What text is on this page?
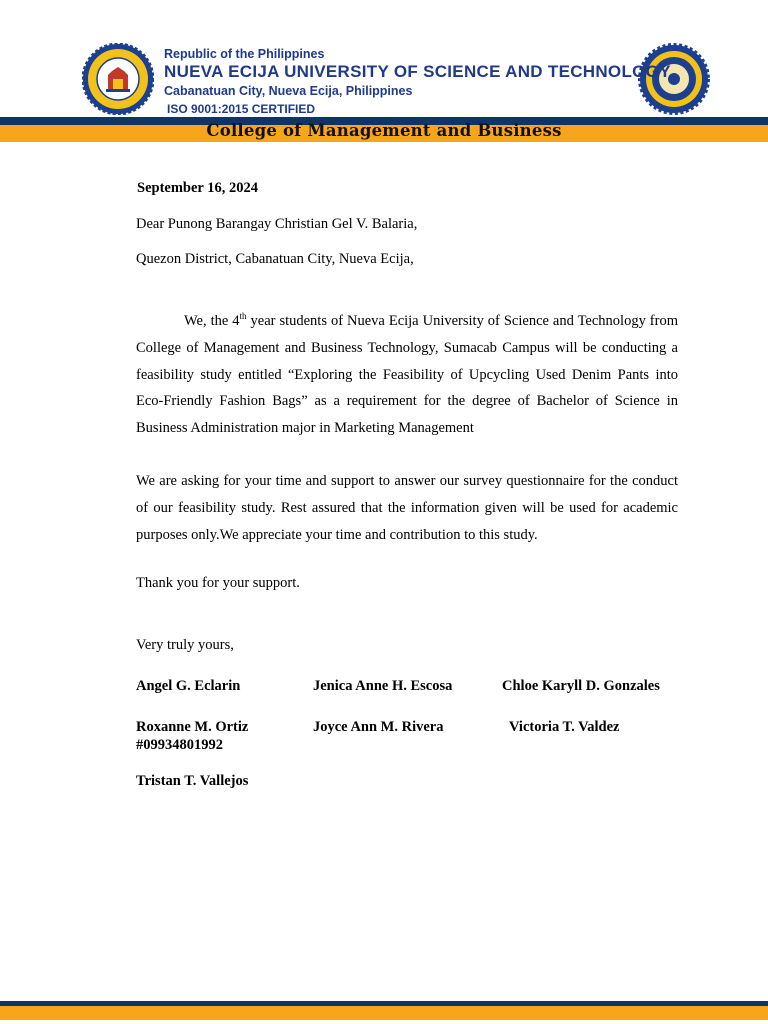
Republic of the Philippines
NUEVA ECIJA UNIVERSITY OF SCIENCE AND TECHNOLOGY
Cabanatuan City, Nueva Ecija, Philippines
ISO 9001:2015 CERTIFIED
College of Management and Business
September 16, 2024
Dear Punong Barangay Christian Gel V. Balaria,
Quezon District, Cabanatuan City, Nueva Ecija,

We, the 4th year students of Nueva Ecija University of Science and Technology from College of Management and Business Technology, Sumacab Campus will be conducting a feasibility study entitled “Exploring the Feasibility of Upcycling Used Denim Pants into Eco-Friendly Fashion Bags” as a requirement for the degree of Bachelor of Science in Business Administration major in Marketing Management

We are asking for your time and support to answer our survey questionnaire for the conduct of our feasibility study. Rest assured that the information given will be used for academic purposes only.We appreciate your time and contribution to this study.
Thank you for your support.
Very truly yours,
Angel G. Eclarin	Jenica Anne H. Escosa	Chloe Karyll D. Gonzales
Roxanne M. Ortiz
#09934801992
Joyce Ann M. Rivera	Victoria T. Valdez
Tristan T. Vallejos
